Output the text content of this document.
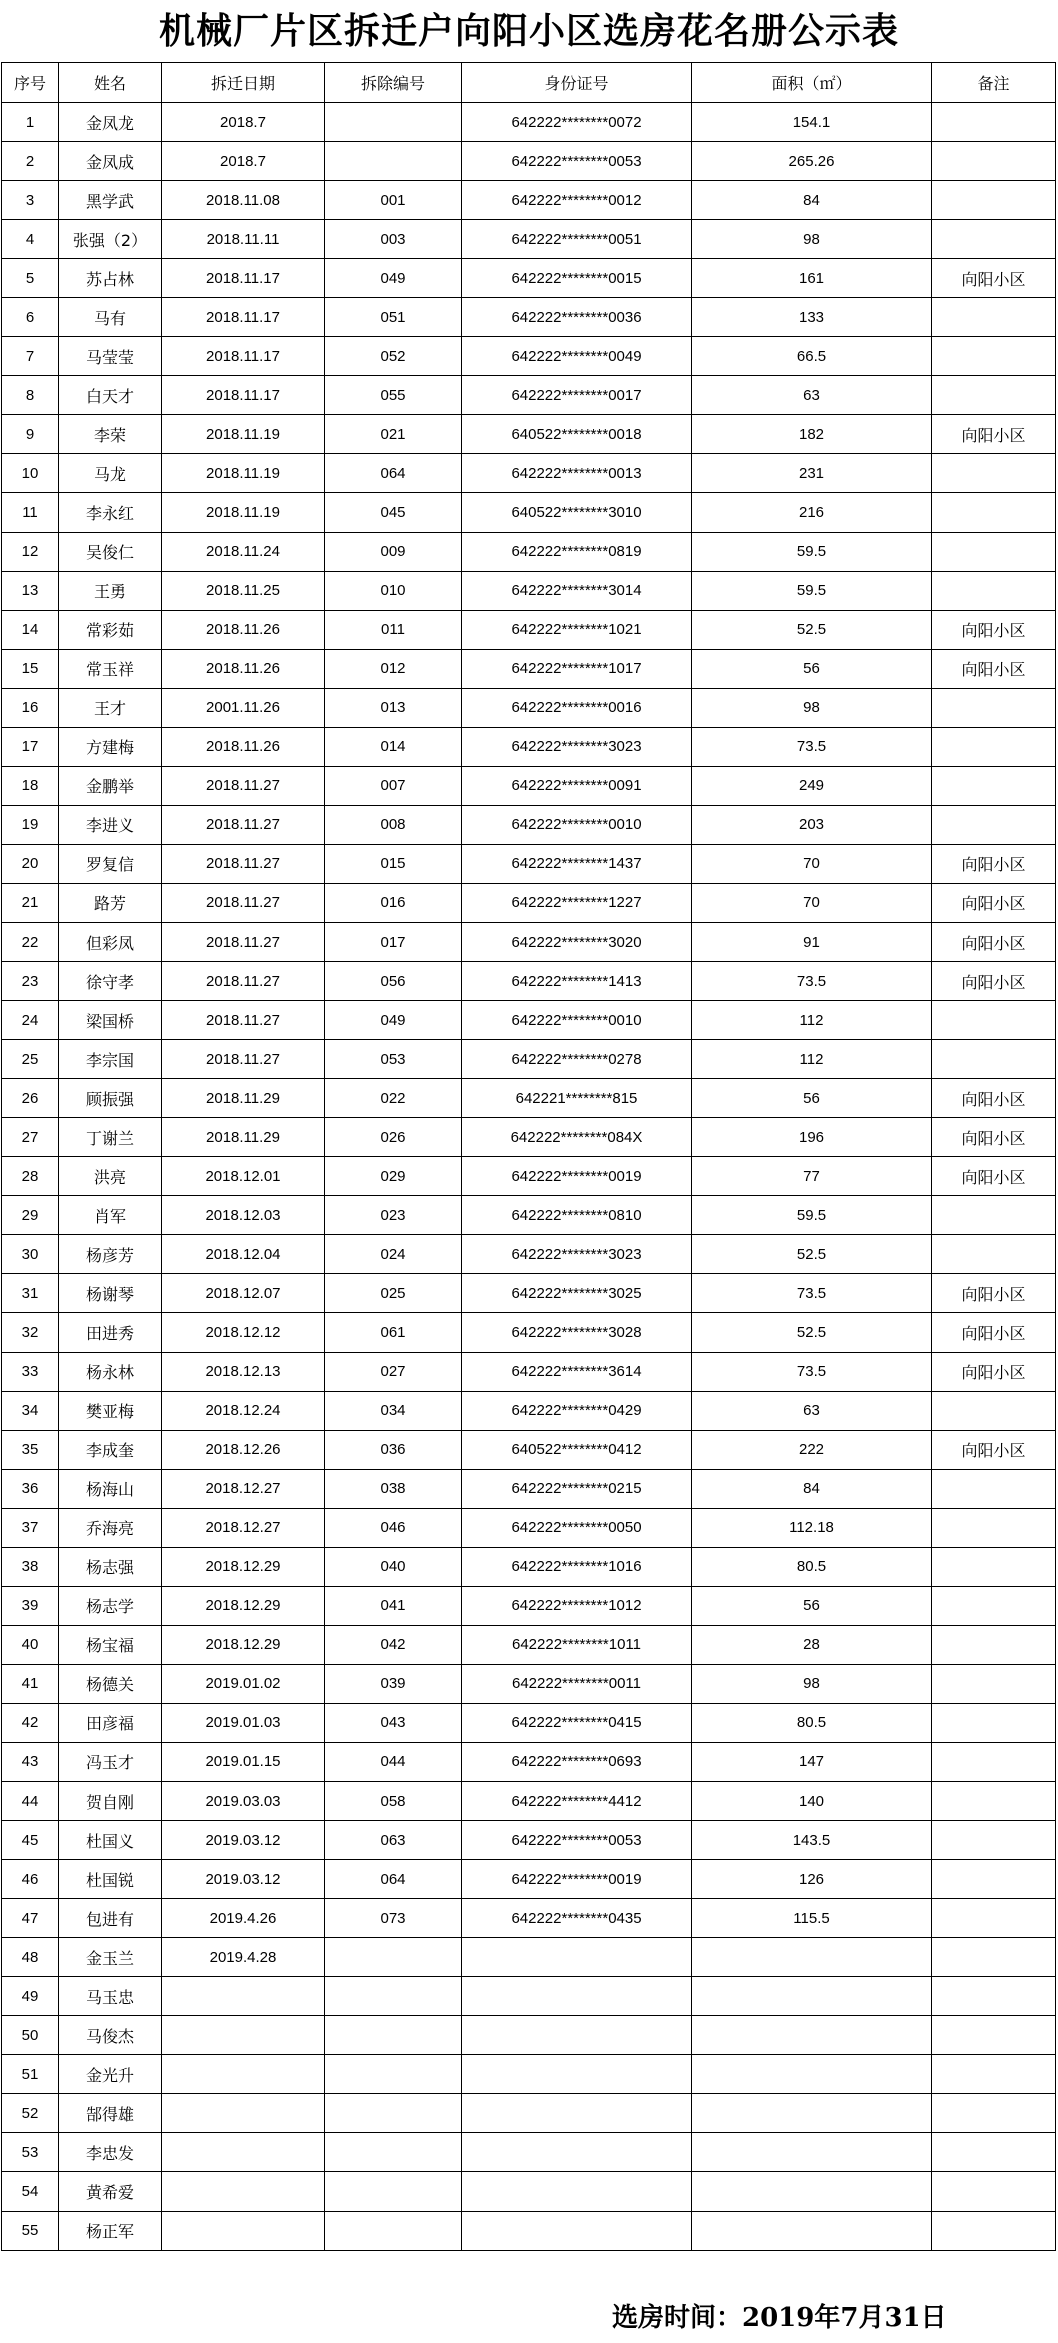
机械厂片区拆迁户向阳小区选房花名册公示表
序号	姓名	拆迁日期	拆除编号	身份证号	面积（㎡）	备注
1	金凤龙	2018.7		642222********0072	154.1	
2	金凤成	2018.7		642222********0053	265.26	
3	黑学武	2018.11.08	001	642222********0012	84	
4	张强（2）	2018.11.11	003	642222********0051	98	
5	苏占林	2018.11.17	049	642222********0015	161	向阳小区
6	马有	2018.11.17	051	642222********0036	133	
7	马莹莹	2018.11.17	052	642222********0049	66.5	
8	白天才	2018.11.17	055	642222********0017	63	
9	李荣	2018.11.19	021	640522********0018	182	向阳小区
10	马龙	2018.11.19	064	642222********0013	231	
11	李永红	2018.11.19	045	640522********3010	216	
12	吴俊仁	2018.11.24	009	642222********0819	59.5	
13	王勇	2018.11.25	010	642222********3014	59.5	
14	常彩茹	2018.11.26	011	642222********1021	52.5	向阳小区
15	常玉祥	2018.11.26	012	642222********1017	56	向阳小区
16	王才	2001.11.26	013	642222********0016	98	
17	方建梅	2018.11.26	014	642222********3023	73.5	
18	金鹏举	2018.11.27	007	642222********0091	249	
19	李进义	2018.11.27	008	642222********0010	203	
20	罗复信	2018.11.27	015	642222********1437	70	向阳小区
21	路芳	2018.11.27	016	642222********1227	70	向阳小区
22	但彩凤	2018.11.27	017	642222********3020	91	向阳小区
23	徐守孝	2018.11.27	056	642222********1413	73.5	向阳小区
24	梁国桥	2018.11.27	049	642222********0010	112	
25	李宗国	2018.11.27	053	642222********0278	112	
26	顾振强	2018.11.29	022	642221********815	56	向阳小区
27	丁谢兰	2018.11.29	026	642222********084X	196	向阳小区
28	洪亮	2018.12.01	029	642222********0019	77	向阳小区
29	肖军	2018.12.03	023	642222********0810	59.5	
30	杨彦芳	2018.12.04	024	642222********3023	52.5	
31	杨谢琴	2018.12.07	025	642222********3025	73.5	向阳小区
32	田进秀	2018.12.12	061	642222********3028	52.5	向阳小区
33	杨永林	2018.12.13	027	642222********3614	73.5	向阳小区
34	樊亚梅	2018.12.24	034	642222********0429	63	
35	李成奎	2018.12.26	036	640522********0412	222	向阳小区
36	杨海山	2018.12.27	038	642222********0215	84	
37	乔海亮	2018.12.27	046	642222********0050	112.18	
38	杨志强	2018.12.29	040	642222********1016	80.5	
39	杨志学	2018.12.29	041	642222********1012	56	
40	杨宝福	2018.12.29	042	642222********1011	28	
41	杨德关	2019.01.02	039	642222********0011	98	
42	田彦福	2019.01.03	043	642222********0415	80.5	
43	冯玉才	2019.01.15	044	642222********0693	147	
44	贺自刚	2019.03.03	058	642222********4412	140	
45	杜国义	2019.03.12	063	642222********0053	143.5	
46	杜国锐	2019.03.12	064	642222********0019	126	
47	包进有	2019.4.26	073	642222********0435	115.5	
48	金玉兰	2019.4.28				
49	马玉忠					
50	马俊杰					
51	金光升					
52	郜得雄					
53	李忠发					
54	黄希爱					
55	杨正军					
选房时间：2019年7月31日
